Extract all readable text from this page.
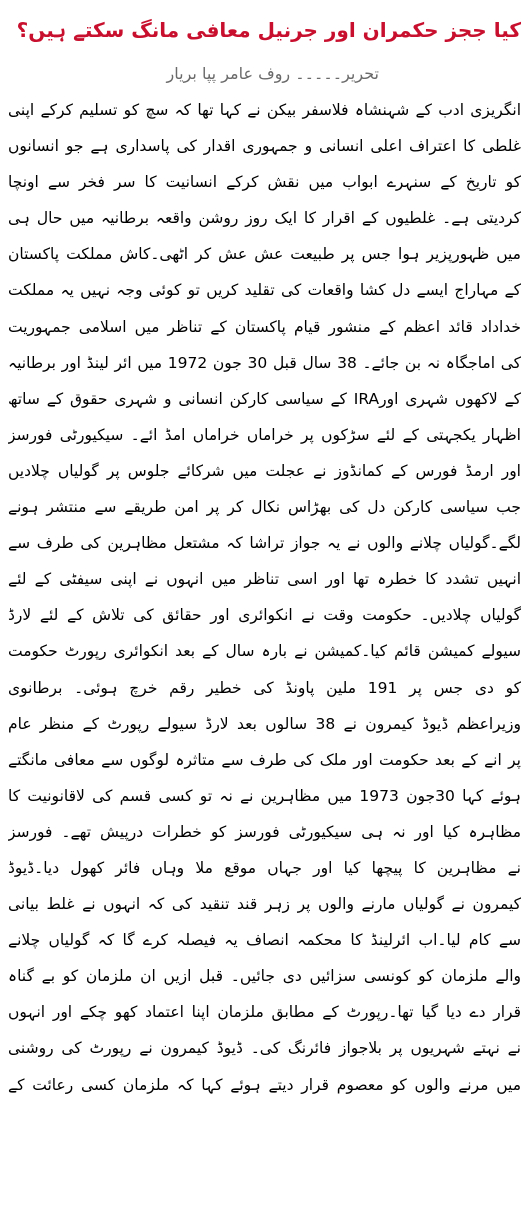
کیا ججز حکمران اور جرنیل معافی مانگ سکتے ہیں؟

تحریر۔۔۔۔۔ روف عامر پپا بریار

انگریزی ادب کے شہنشاہ فلاسفر بیکن نے کہا تھا کہ سچ کو تسلیم کرکے اپنی
غلطی کا اعتراف اعلی انسانی و جمہوری اقدار کی پاسداری ہے جو انسانوں
کو تاریخ کے سنہرے ابواب میں نقش کرکے انسانیت کا سر فخر سے اونچا
کردیتی ہے۔ غلطیوں کے اقرار کا ایک روز روشن واقعہ برطانیہ میں حال ہی
میں ظہورپزیر ہوا جس پر طبیعت عش عش کر اٹھی۔کاش مملکت پاکستان
کے مہاراج ایسے دل کشا واقعات کی تقلید کریں تو کوئی وجہ نہیں یہ مملکت
خداداد قائد اعظم کے منشور قیام پاکستان کے تناظر میں اسلامی جمہوریت
کی اماجگاہ نہ بن جائے۔ 38 سال قبل 30 جون 1972 میں ائر لینڈ اور برطانیہ
کے لاکھوں شہری اورIRA کے سیاسی کارکن انسانی و شہری حقوق کے ساتھ
اظہار یکجہتی کے لئے سڑکوں پر خراماں خراماں امڈ ائے۔ سیکیورٹی فورسز
اور ارمڈ فورس کے کمانڈوز نے عجلت میں شرکائے جلوس پر گولیاں چلادیں
جب سیاسی کارکن دل کی بھڑاس نکال کر پر امن طریقے سے منتشر ہونے
لگے۔گولیاں چلانے والوں نے یہ جواز تراشا کہ مشتعل مظاہرین کی طرف سے
انہیں تشدد کا خطرہ تھا اور اسی تناظر میں انہوں نے اپنی سیفٹی کے لئے
گولیاں چلادیں۔ حکومت وقت نے انکوائری اور حقائق کی تلاش کے لئے لارڈ
سیولے کمیشن قائم کیا۔کمیشن نے بارہ سال کے بعد انکوائری رپورٹ حکومت
کو دی جس پر 191 ملین پاونڈ کی خطیر رقم خرچ ہوئی۔ برطانوی
وزیراعظم ڈیوڈ کیمرون نے 38 سالوں بعد لارڈ سیولے رپورٹ کے منظر عام
پر انے کے بعد حکومت اور ملک کی طرف سے متاثرہ لوگوں سے معافی مانگتے
ہوئے کہا 30جون 1973 میں مظاہرین نے نہ تو کسی قسم کی لاقانونیت کا
مظاہرہ کیا اور نہ ہی سیکیورٹی فورسز کو خطرات درپیش تھے۔ فورسز
نے مظاہرین کا پیچھا کیا اور جہاں موقع ملا وہاں فائر کھول دیا۔ڈیوڈ
کیمرون نے گولیاں مارنے والوں پر زہر قند تنقید کی کہ انہوں نے غلط بیانی
سے کام لیا۔اب ائرلینڈ کا محکمہ انصاف یہ فیصلہ کرے گا کہ گولیاں چلانے
والے ملزمان کو کونسی سزائیں دی جائیں۔ قبل ازیں ان ملزمان کو بے گناہ
قرار دے دیا گیا تھا۔رپورٹ کے مطابق ملزمان اپنا اعتماد کھو چکے اور انہوں
نے نہتے شہریوں پر بلاجواز فائرنگ کی۔ ڈیوڈ کیمرون نے رپورٹ کی روشنی
میں مرنے والوں کو معصوم قرار دیتے ہوئے کہا کہ ملزمان کسی رعائت کے
